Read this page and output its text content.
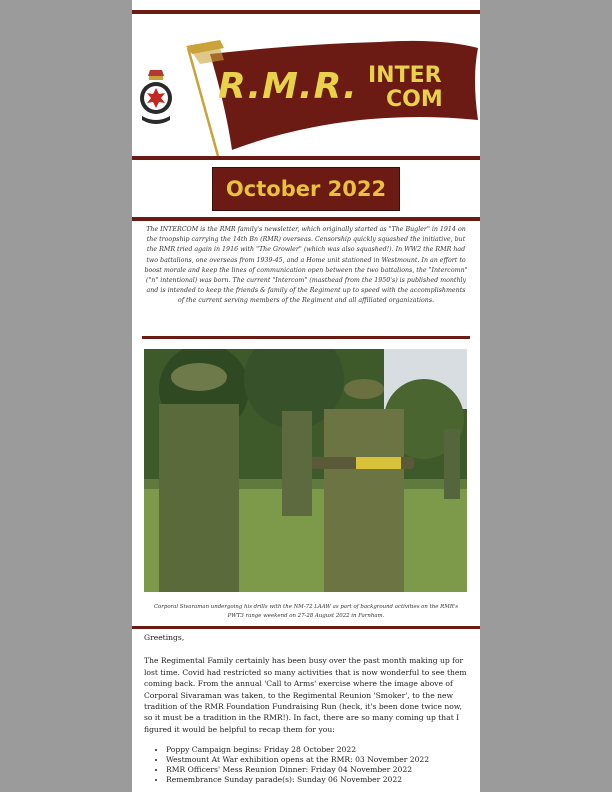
R.M.R. INTER
COM
October 2022
The INTERCOM is the RMR family's newsletter, which originally started as "The Bugler" in 1914 on the troopship carrying the 14th Bn (RMR) overseas. Censorship quickly squashed the initiative, but the RMR tried again in 1916 with "The Growler" (which was also squashed!). In WW2 the RMR had two battalions, one overseas from 1939-45, and a Home unit stationed in Westmount. In an effort to boost morale and keep the lines of communication open between the two battalions, the "Intercomn" ("n" intentional) was born. The current "Intercom" (masthead from the 1950's) is published monthly and is intended to keep the friends & family of the Regiment up to speed with the accomplishments of the current serving members of the Regiment and all affiliated organizations.
Corporal Sivaraman undergoing his drills with the NM-72 LAAW as part of background activities on the RMR's PWT3 range weekend on 27-28 August 2022 in Farnham.

Greetings,

The Regimental Family certainly has been busy over the past month making up for lost time. Covid had restricted so many activities that is now wonderful to see them coming back. From the annual 'Call to Arms' exercise where the image above of Corporal Sivaraman was taken, to the Regimental Reunion 'Smoker', to the new tradition of the RMR Foundation Fundraising Run (heck, it's been done twice now, so it must be a tradition in the RMR!). In fact, there are so many coming up that I figured it would be helpful to recap them for you:

• Poppy Campaign begins: Friday 28 October 2022
• Westmount At War exhibition opens at the RMR: 03 November 2022
• RMR Officers' Mess Reunion Dinner: Friday 04 November 2022
• Remembrance Sunday parade(s): Sunday 06 November 2022
